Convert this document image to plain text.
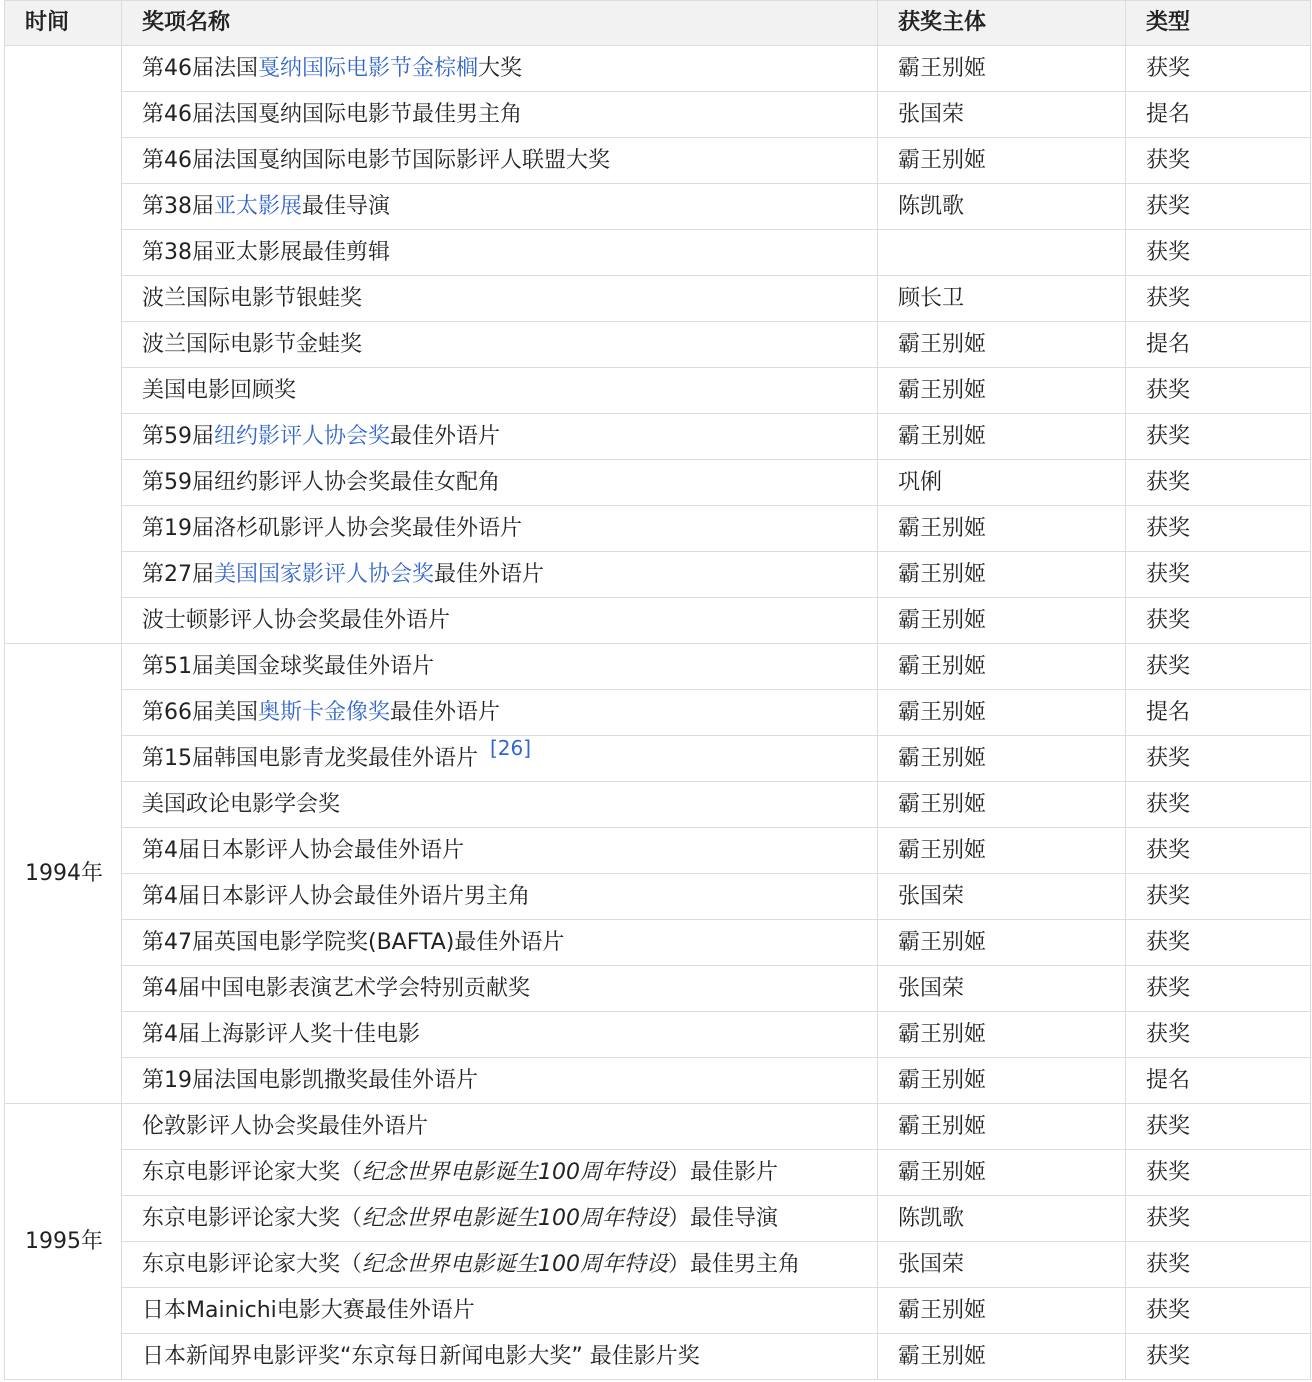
时间	奖项名称	获奖主体	类型
	第46届法国戛纳国际电影节金棕榈大奖	霸王别姬	获奖
	第46届法国戛纳国际电影节最佳男主角	张国荣	提名
	第46届法国戛纳国际电影节国际影评人联盟大奖	霸王别姬	获奖
	第38届亚太影展最佳导演	陈凯歌	获奖
	第38届亚太影展最佳剪辑		获奖
	波兰国际电影节银蛙奖	顾长卫	获奖
	波兰国际电影节金蛙奖	霸王别姬	提名
	美国电影回顾奖	霸王别姬	获奖
	第59届纽约影评人协会奖最佳外语片	霸王别姬	获奖
	第59届纽约影评人协会奖最佳女配角	巩俐	获奖
	第19届洛杉矶影评人协会奖最佳外语片	霸王别姬	获奖
	第27届美国国家影评人协会奖最佳外语片	霸王别姬	获奖
	波士顿影评人协会奖最佳外语片	霸王别姬	获奖
1994年	第51届美国金球奖最佳外语片	霸王别姬	获奖
	第66届美国奥斯卡金像奖最佳外语片	霸王别姬	提名
	第15届韩国电影青龙奖最佳外语片 [26]	霸王别姬	获奖
	美国政论电影学会奖	霸王别姬	获奖
	第4届日本影评人协会最佳外语片	霸王别姬	获奖
	第4届日本影评人协会最佳外语片男主角	张国荣	获奖
	第47届英国电影学院奖(BAFTA)最佳外语片	霸王别姬	获奖
	第4届中国电影表演艺术学会特别贡献奖	张国荣	获奖
	第4届上海影评人奖十佳电影	霸王别姬	获奖
	第19届法国电影凯撒奖最佳外语片	霸王别姬	提名
1995年	伦敦影评人协会奖最佳外语片	霸王别姬	获奖
	东京电影评论家大奖（纪念世界电影诞生100周年特设）最佳影片	霸王别姬	获奖
	东京电影评论家大奖（纪念世界电影诞生100周年特设）最佳导演	陈凯歌	获奖
	东京电影评论家大奖（纪念世界电影诞生100周年特设）最佳男主角	张国荣	获奖
	日本Mainichi电影大赛最佳外语片	霸王别姬	获奖
	日本新闻界电影评奖“东京每日新闻电影大奖” 最佳影片奖	霸王别姬	获奖
